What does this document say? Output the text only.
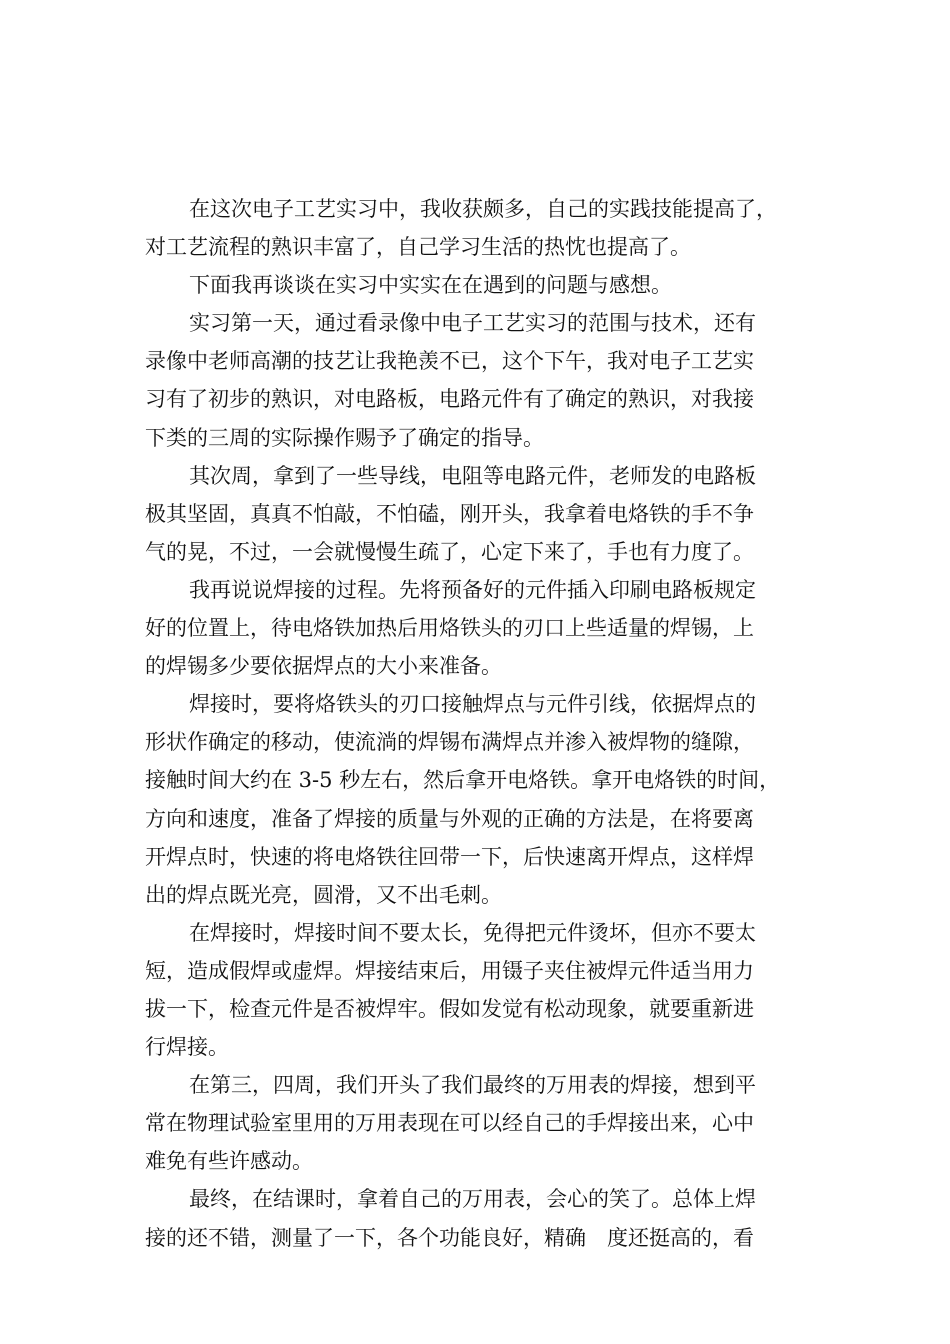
在这次电子工艺实习中，我收获颇多，自己的实践技能提高了，
对工艺流程的熟识丰富了，自己学习生活的热忱也提高了。
下面我再谈谈在实习中实实在在遇到的问题与感想。
实习第一天，通过看录像中电子工艺实习的范围与技术，还有
录像中老师高潮的技艺让我艳羡不已，这个下午，我对电子工艺实
习有了初步的熟识，对电路板，电路元件有了确定的熟识，对我接
下类的三周的实际操作赐予了确定的指导。
其次周，拿到了一些导线，电阻等电路元件，老师发的电路板
极其坚固，真真不怕敲，不怕磕，刚开头，我拿着电烙铁的手不争
气的晃，不过，一会就慢慢生疏了，心定下来了，手也有力度了。
我再说说焊接的过程。先将预备好的元件插入印刷电路板规定
好的位置上，待电烙铁加热后用烙铁头的刃口上些适量的焊锡，上
的焊锡多少要依据焊点的大小来准备。
焊接时，要将烙铁头的刃口接触焊点与元件引线，依据焊点的
形状作确定的移动，使流淌的焊锡布满焊点并渗入被焊物的缝隙，
接触时间大约在 3-5 秒左右，然后拿开电烙铁。拿开电烙铁的时间，
方向和速度，准备了焊接的质量与外观的正确的方法是，在将要离
开焊点时，快速的将电烙铁往回带一下，后快速离开焊点，这样焊
出的焊点既光亮，圆滑，又不出毛刺。
在焊接时，焊接时间不要太长，免得把元件烫坏，但亦不要太
短，造成假焊或虚焊。焊接结束后，用镊子夹住被焊元件适当用力
拔一下，检查元件是否被焊牢。假如发觉有松动现象，就要重新进
行焊接。
在第三，四周，我们开头了我们最终的万用表的焊接，想到平
常在物理试验室里用的万用表现在可以经自己的手焊接出来，心中
难免有些许感动。
最终，在结课时，拿着自己的万用表，会心的笑了。总体上焊
接的还不错，测量了一下，各个功能良好，精确　度还挺高的，看
